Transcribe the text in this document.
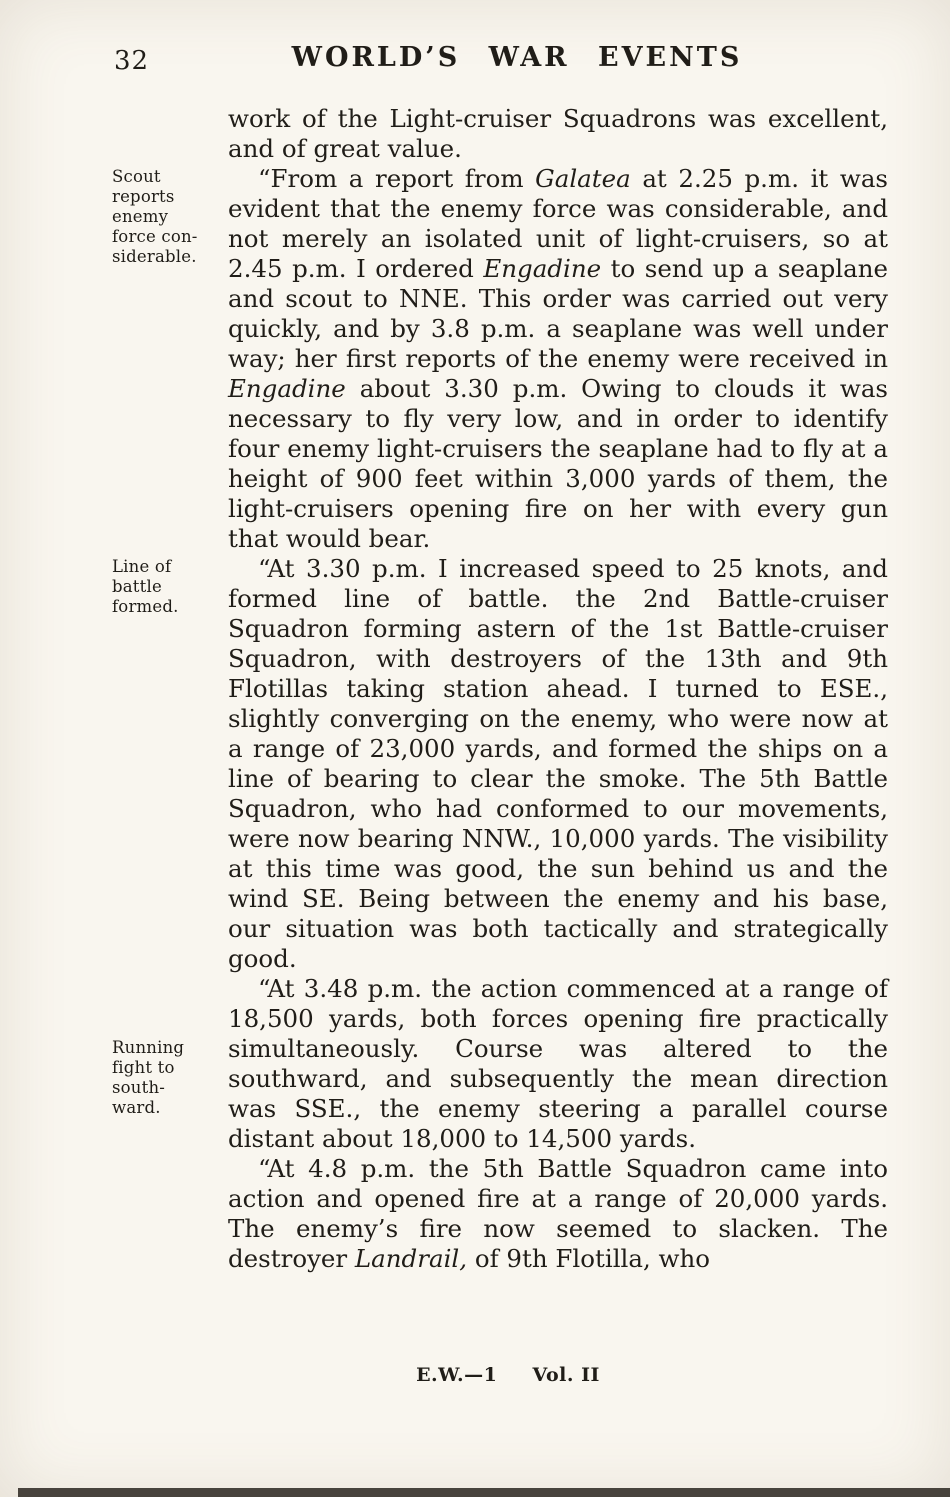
32	WORLD’S WAR EVENTS

work of the Light-cruiser Squadrons was excellent, and of great value.

Scout
reports
enemy
force con-
siderable.

“From a report from Galatea at 2.25 p.m. it was evident that the enemy force was considerable, and not merely an isolated unit of light-cruisers, so at 2.45 p.m. I ordered Engadine to send up a seaplane and scout to NNE. This order was carried out very quickly, and by 3.8 p.m. a seaplane was well under way; her first reports of the enemy were received in Engadine about 3.30 p.m. Owing to clouds it was necessary to fly very low, and in order to identify four enemy light-cruisers the seaplane had to fly at a height of 900 feet within 3,000 yards of them, the light-cruisers opening fire on her with every gun that would bear.

Line of
battle
formed.

“At 3.30 p.m. I increased speed to 25 knots, and formed line of battle. the 2nd Battle-cruiser Squadron forming astern of the 1st Battle-cruiser Squadron, with destroyers of the 13th and 9th Flotillas taking station ahead. I turned to ESE., slightly converging on the enemy, who were now at a range of 23,000 yards, and formed the ships on a line of bearing to clear the smoke. The 5th Battle Squadron, who had conformed to our movements, were now bearing NNW., 10,000 yards. The visibility at this time was good, the sun behind us and the wind SE. Being between the enemy and his base, our situation was both tactically and strategically good.

Running
fight to
south-
ward.

“At 3.48 p.m. the action commenced at a range of 18,500 yards, both forces opening fire practically simultaneously. Course was altered to the southward, and subsequently the mean direction was SSE., the enemy steering a parallel course distant about 18,000 to 14,500 yards.

“At 4.8 p.m. the 5th Battle Squadron came into action and opened fire at a range of 20,000 yards. The enemy’s fire now seemed to slacken. The destroyer Landrail, of 9th Flotilla, who

E.W.—1 Vol. II
